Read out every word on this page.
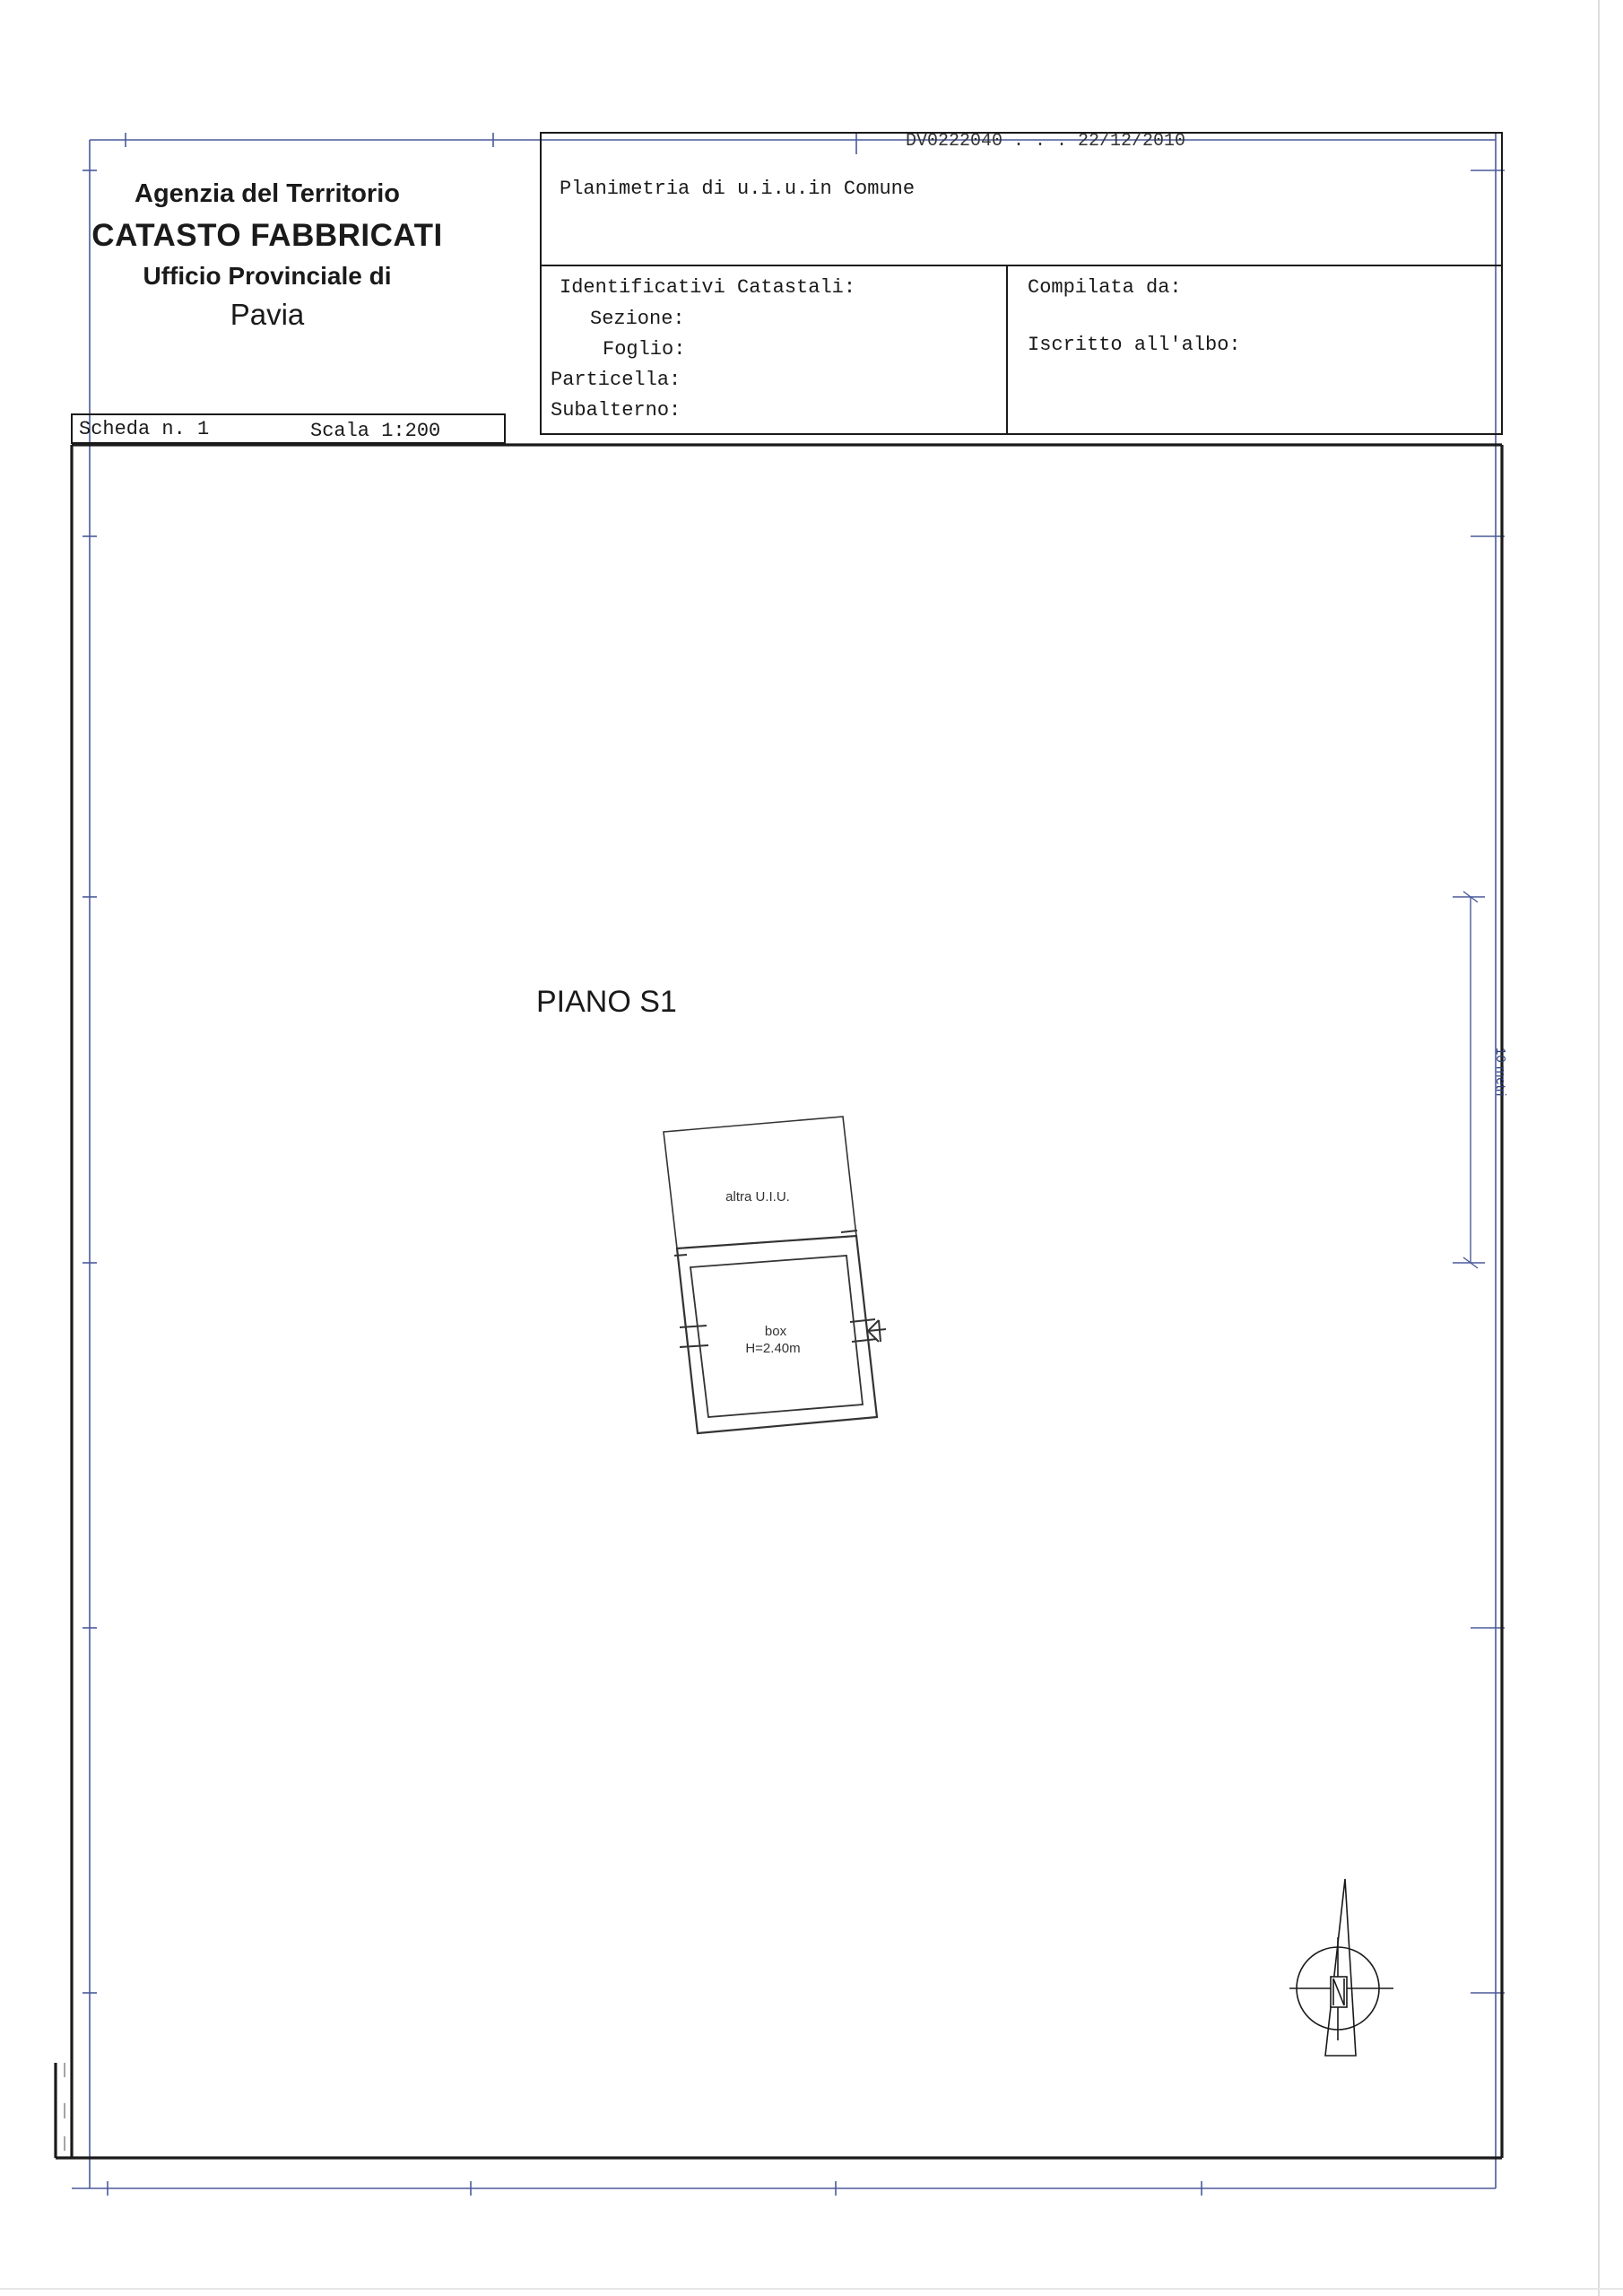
DV0222040 . . . 22/12/2010
Agenzia del Territorio
CATASTO FABBRICATI
Ufficio Provinciale di
Pavia
Planimetria di u.i.u.in Comune
Identificativi Catastali:
Sezione:
Foglio:
Particella:
Subalterno:
Compilata da:
Iscritto all'albo:
Scheda n. 1	Scala 1:200
PIANO S1
altra U.I.U.
box
H=2.40m
10 metri
